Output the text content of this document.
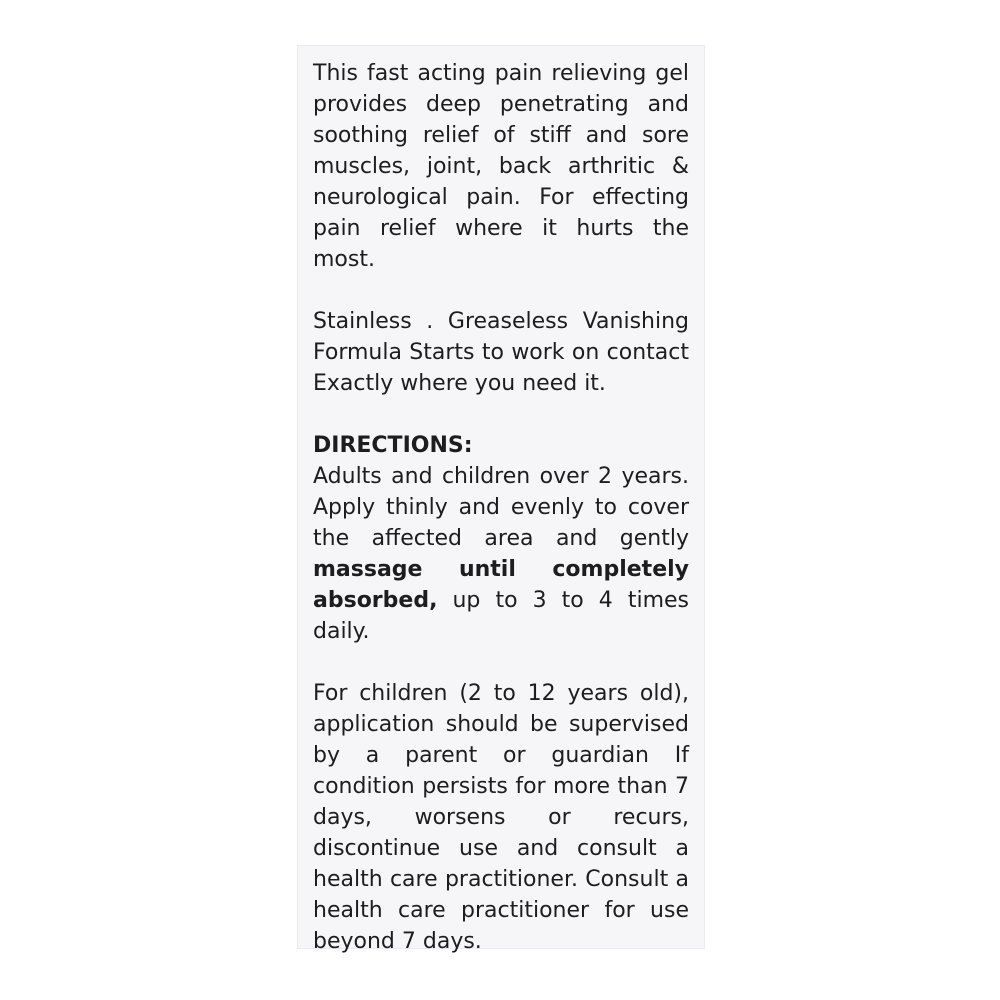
This fast acting pain relieving gel provides deep penetrating and soothing relief of stiff and sore muscles, joint, back arthritic & neurological pain. For effecting pain relief where it hurts the most.

Stainless . Greaseless Vanishing Formula Starts to work on contact Exactly where you need it.

DIRECTIONS:

Adults and children over 2 years. Apply thinly and evenly to cover the affected area and gently massage until completely absorbed, up to 3 to 4 times daily.

For children (2 to 12 years old), application should be supervised by a parent or guardian If condition persists for more than 7 days, worsens or recurs, discontinue use and consult a health care practitioner. Consult a health care practitioner for use beyond 7 days.
